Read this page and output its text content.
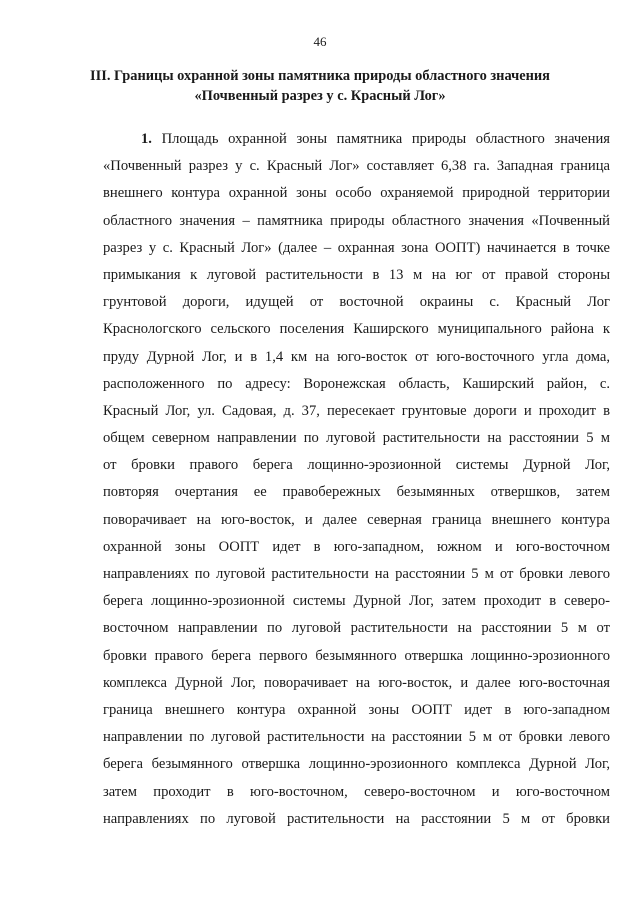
46
III. Границы охранной зоны памятника природы областного значения
«Почвенный разрез у с. Красный Лог»
1. Площадь охранной зоны памятника природы областного значения
«Почвенный разрез у с. Красный Лог» составляет 6,38 га. Западная граница
внешнего контура охранной зоны особо охраняемой природной территории
областного значения – памятника природы областного значения «Почвенный
разрез у с. Красный Лог» (далее – охранная зона ООПТ) начинается в точке
примыкания к луговой растительности в 13 м на юг от правой стороны
грунтовой дороги, идущей от восточной окраины с. Красный Лог
Краснологского сельского поселения Каширского муниципального района к
пруду Дурной Лог, и в 1,4 км на юго-восток от юго-восточного угла дома,
расположенного по адресу: Воронежская область, Каширский район, с.
Красный Лог, ул. Садовая, д. 37, пересекает грунтовые дороги и проходит в
общем северном направлении по луговой растительности на расстоянии 5 м
от бровки правого берега лощинно-эрозионной системы Дурной Лог,
повторяя очертания ее правобережных безымянных отвершков, затем
поворачивает на юго-восток, и далее северная граница внешнего контура
охранной зоны ООПТ идет в юго-западном, южном и юго-восточном
направлениях по луговой растительности на расстоянии 5 м от бровки левого
берега лощинно-эрозионной системы Дурной Лог, затем проходит в северо-
восточном направлении по луговой растительности на расстоянии 5 м от
бровки правого берега первого безымянного отвершка лощинно-эрозионного
комплекса Дурной Лог, поворачивает на юго-восток, и далее юго-восточная
граница внешнего контура охранной зоны ООПТ идет в юго-западном
направлении по луговой растительности на расстоянии 5 м от бровки левого
берега безымянного отвершка лощинно-эрозионного комплекса Дурной Лог,
затем проходит в юго-восточном, северо-восточном и юго-восточном
направлениях по луговой растительности на расстоянии 5 м от бровки
